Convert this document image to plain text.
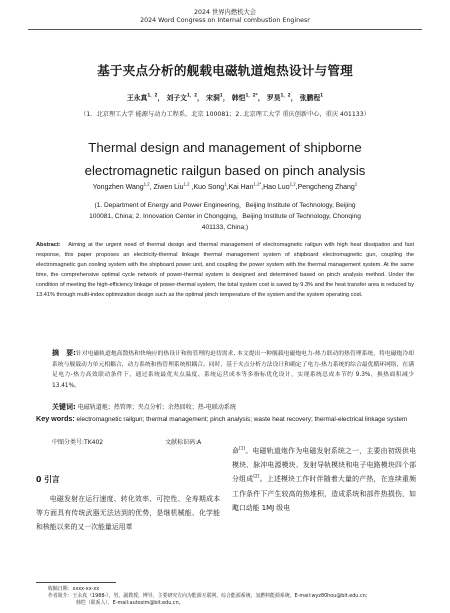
2024 世界内燃机大会
2024 Word Congress on Internal combustion Enginesr
基于夹点分析的舰载电磁轨道炮热设计与管理
王永真$^{1,2}$， 刘子文$^{1,2}$， 宋洞$^1$， 韩恺$^{1,2*}$， 罗昊$^{1,2}$， 张鹏程$^1$
（1．北京理工大学 能源与动力工程系，北京 100081；2. 北京理工大学 重庆创新中心，重庆 401133）
Thermal design and management of shipborne
electromagnetic railgun based on pinch analysis
Yongzhen Wang$^{1,2}$, Ziwen Liu$^{1,2}$ ,Kuo Song$^1$,Kai Han$^{1,2*}$,Hao Luo$^{1,2}$,Pengcheng Zhang$^1$
(1. Department of Energy and Power Engineering，Beijing Institute of Technology, Beijing
100081, China; 2. Innovation Center in Chongqing，Beijing Institute of Technology, Chonqing
401133, China;)
Abstract: Aiming at the urgent need of thermal design and thermal management of electromagnetic railgun with high heat dissipation and fast response, this paper proposes an electricity-thermal linkage thermal management system of shipboard electromagnetic gun, coupling the electromagnetic gun cooling system with the shipboard power unit, and coupling the power system with the thermal management system. At the same time, the comprehensive optimal cycle network of power-thermal system is designed and determined based on pinch analysis method. Under the condition of meeting the high-efficiency linkage of power-thermal system, the total system cost is saved by 9.3% and the heat transfer area is reduced by 13.41% through multi-index optimization design such as the optimal pinch temperature of the system and the system operating cost.
摘　要:针对电磁轨道炮高散热和快响应的热设计和热管理的迫切需求, 本文提出一种舰载电磁炮电力-热力联动的热管理系统，将电磁炮冷却系统与舰载动力单元相耦合，动力系统和热管理系统相耦合。同时，基于夹点分析方法设计和确定了电力-热力系统的综合最优循环网络，在满足电力-热力高效联动条件下，通过系统最优夹点温度、系统运营成本等多指标优化设计，实现系统总成本节约 9.3%，换热面积减少 13.41%。
关键词: 电磁轨道炮；热管理；夹点分析；余热回收；热-电联动系统
Key words: electromagnetic railgun; thermal management; pinch analysis; waste heat recovery; thermal-electrical linkage system
中图分类号:TK402	文献标识码:A
0 引言
电磁发射在运行速度、转化效率、可控性、全寿期成本等方面具有传统武器无法达到的优势，是继机械能、化学能和核能以来的又一次能量运用革
命[1]。电磁轨道炮作为电磁发射系统之一，主要由初级供电模块、脉冲电源模块、发射导轨模块和电子电路模块四个部分组成[2]。上述模块工作时伴随着大量的产热，在连续重频工作条件下产生较高的热堆积，造成系统和部件热损伤，如飑口动能 1MJ 级电
收稿日期：xxxx-xx-xx
作者简介：王永真（1988-），男，副教授，博导，主要研究方向为能源互联网、综合能源系统、氢燃料能源系统。E-mail:wyz80hou@bit.edu.cn;
韩恺（联系人），E-mail:autosim@bit.edu.cn。
